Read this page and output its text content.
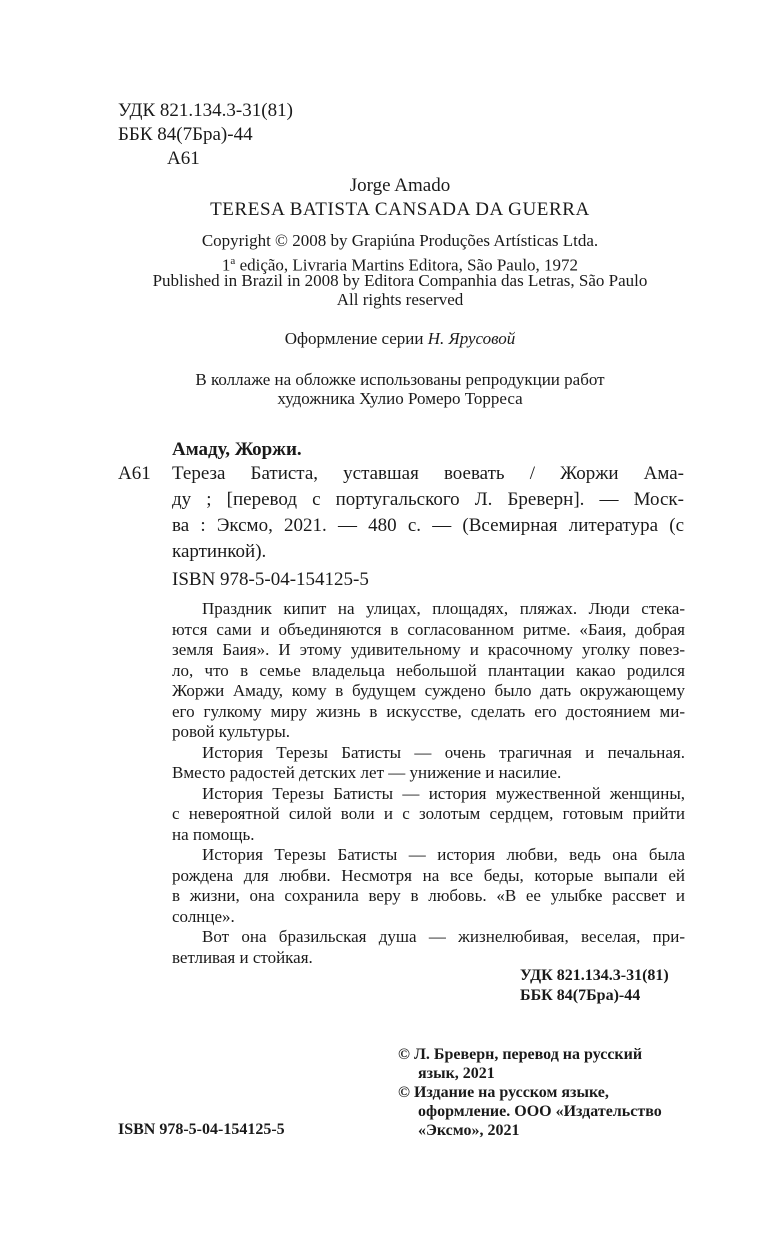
УДК 821.134.3-31(81)
ББК 84(7Бра)-44
А61
Jorge Amado
TERESA BATISTA CANSADA DA GUERRA
Copyright © 2008 by Grapiúna Produções Artísticas Ltda.
1$^a$ edição, Livraria Martins Editora, São Paulo, 1972
Published in Brazil in 2008 by Editora Companhia das Letras, São Paulo
All rights reserved
Оформление серии Н. Ярусовой
В коллаже на обложке использованы репродукции работ
художника Хулио Ромеро Торреса
Амаду, Жоржи.
А61 Тереза Батиста, уставшая воевать / Жоржи Ама-
ду ; [перевод с португальского Л. Бреверн]. — Моск-
ва : Эксмо, 2021. — 480 с. — (Всемирная литература (с
картинкой).
ISBN 978-5-04-154125-5
Праздник кипит на улицах, площадях, пляжах. Люди стека-
ются сами и объединяются в согласованном ритме. «Баия, добрая
земля Баия». И этому удивительному и красочному уголку повез-
ло, что в семье владельца небольшой плантации какао родился
Жоржи Амаду, кому в будущем суждено было дать окружающему
его гулкому миру жизнь в искусстве, сделать его достоянием ми-
ровой культуры.
История Терезы Батисты — очень трагичная и печальная.
Вместо радостей детских лет — унижение и насилие.
История Терезы Батисты — история мужественной женщины,
с невероятной силой воли и с золотым сердцем, готовым прийти
на помощь.
История Терезы Батисты — история любви, ведь она была
рождена для любви. Несмотря на все беды, которые выпали ей
в жизни, она сохранила веру в любовь. «В ее улыбке рассвет и
солнце».
Вот она бразильская душа — жизнелюбивая, веселая, при-
ветливая и стойкая.
УДК 821.134.3-31(81)
ББК 84(7Бра)-44
© Л. Бреверн, перевод на русский
язык, 2021
© Издание на русском языке,
оформление. ООО «Издательство
«Эксмо», 2021
ISBN 978-5-04-154125-5
